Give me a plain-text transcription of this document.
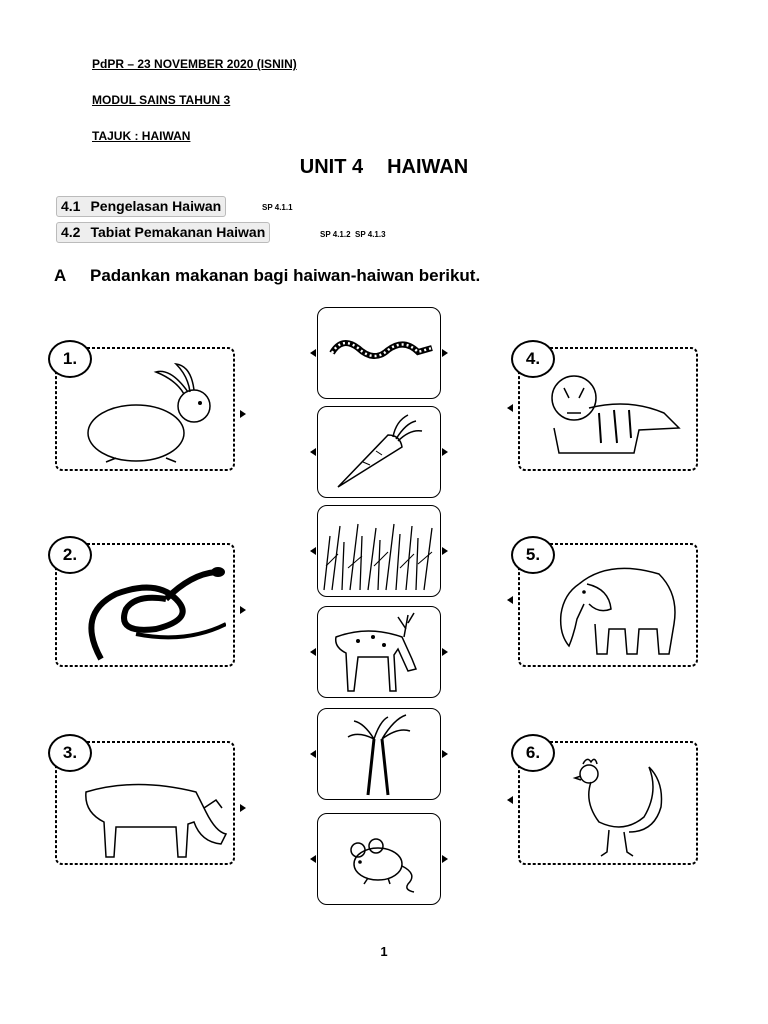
PdPR – 23 NOVEMBER 2020 (ISNIN)
MODUL SAINS TAHUN 3
TAJUK : HAIWAN
UNIT 4 HAIWAN
4.1 Pengelasan Haiwan	SP 4.1.1
4.2 Tabiat Pemakanan Haiwan	SP 4.1.2  SP 4.1.3
A Padankan makanan bagi haiwan-haiwan berikut.
1.
2.
3.
4.
5.
6.
1
